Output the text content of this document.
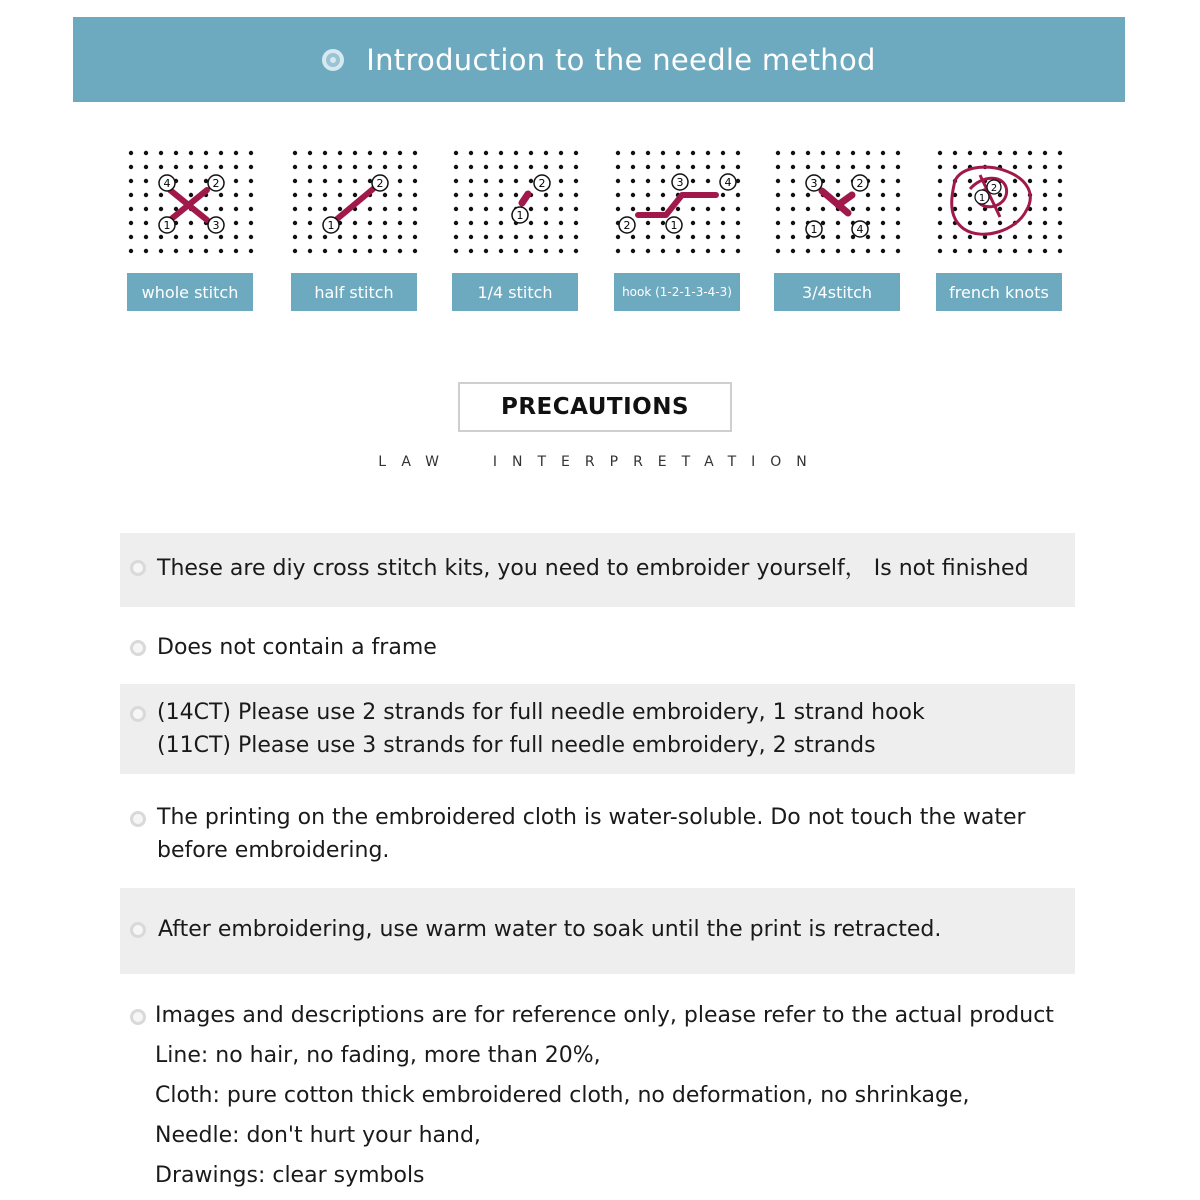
Introduction to the needle method
4	2
1	3
whole stitch
2
1
half stitch
2
1
1/4 stitch
3	4
2	1
hook (1-2-1-3-4-3)
3	2
1	4
3/4stitch
1
2
french knots
PRECAUTIONS
LAW  INTERPRETATION
These are diy cross stitch kits, you need to embroider yourself， Is not finished
Does not contain a frame
(14CT) Please use 2 strands for full needle embroidery, 1 strand hook
(11CT) Please use 3 strands for full needle embroidery, 2 strands
The printing on the embroidered cloth is water-soluble. Do not touch the water
before embroidering.
After embroidering, use warm water to soak until the print is retracted.
Images and descriptions are for reference only, please refer to the actual product
Line: no hair, no fading, more than 20%,
Cloth: pure cotton thick embroidered cloth, no deformation, no shrinkage,
Needle: don't hurt your hand,
Drawings: clear symbols
